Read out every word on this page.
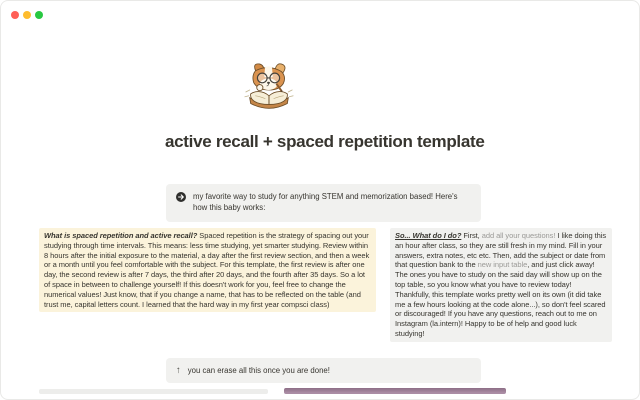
active recall + spaced repetition template

my favorite way to study for anything STEM and memorization based! Here's how this baby works:

What is spaced repetition and active recall? Spaced repetition is the strategy of spacing out your studying through time intervals. This means: less time studying, yet smarter studying. Review within 8 hours after the initial exposure to the material, a day after the first review section, and then a week or a month until you feel comfortable with the subject. For this template, the first review is after one day, the second review is after 7 days, the third after 20 days, and the fourth after 35 days. So a lot of space in between to challenge yourself! If this doesn't work for you, feel free to change the numerical values! Just know, that if you change a name, that has to be reflected on the table (and trust me, capital letters count. I learned that the hard way in my first year compsci class)
So... What do I do? First, add all your questions! I like doing this an hour after class, so they are still fresh in my mind. Fill in your answers, extra notes, etc etc. Then, add the subject or date from that question bank to the new input table, and just click away! The ones you have to study on the said day will show up on the top table, so you know what you have to review today! Thankfully, this template works pretty well on its own (it did take me a few hours looking at the code alone...), so don't feel scared or discouraged! If you have any questions, reach out to me on Instagram (la.intern)! Happy to be of help and good luck studying!
↑ you can erase all this once you are done!
